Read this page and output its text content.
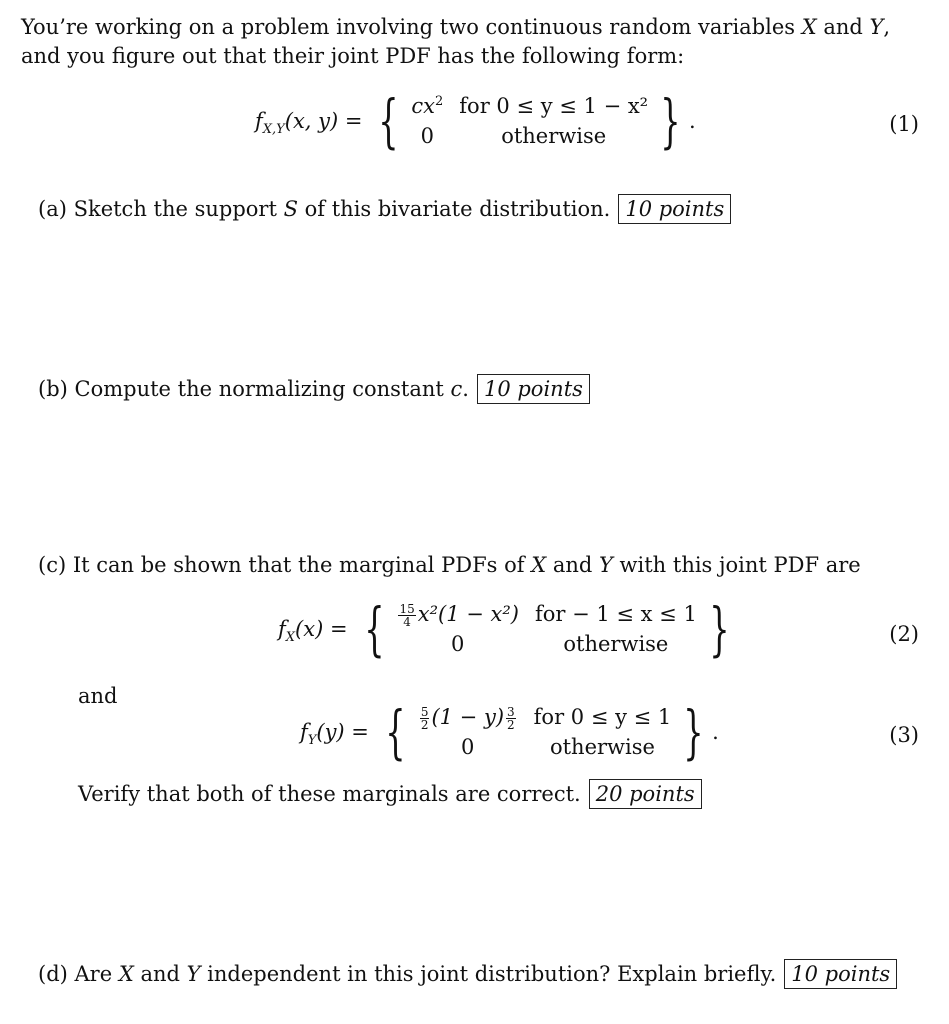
You’re working on a problem involving two continuous random variables X and Y, and you figure out that their joint PDF has the following form:
$f_{X,Y}(x$, y) = { $cx^2$ for 0 ≤ y ≤ 1 − x²
0	otherwise } .	(1)
(a) Sketch the support S of this bivariate distribution. 10 points
(b) Compute the normalizing constant c. 10 points
(c) It can be shown that the marginal PDFs of X and Y with this joint PDF are
$f_X(x)$ = { $\frac{15}{4} x^2(1 - x^2)$ for − 1 ≤ x ≤ 1
0	otherwise }	(2)
and
$f_Y(y)$ = { $\frac{5}{2} (1 - y) \frac{3}{2}$ for 0 ≤ y ≤ 1
0	otherwise } .	(3)
Verify that both of these marginals are correct. 20 points
(d) Are X and Y independent in this joint distribution? Explain briefly. 10 points
